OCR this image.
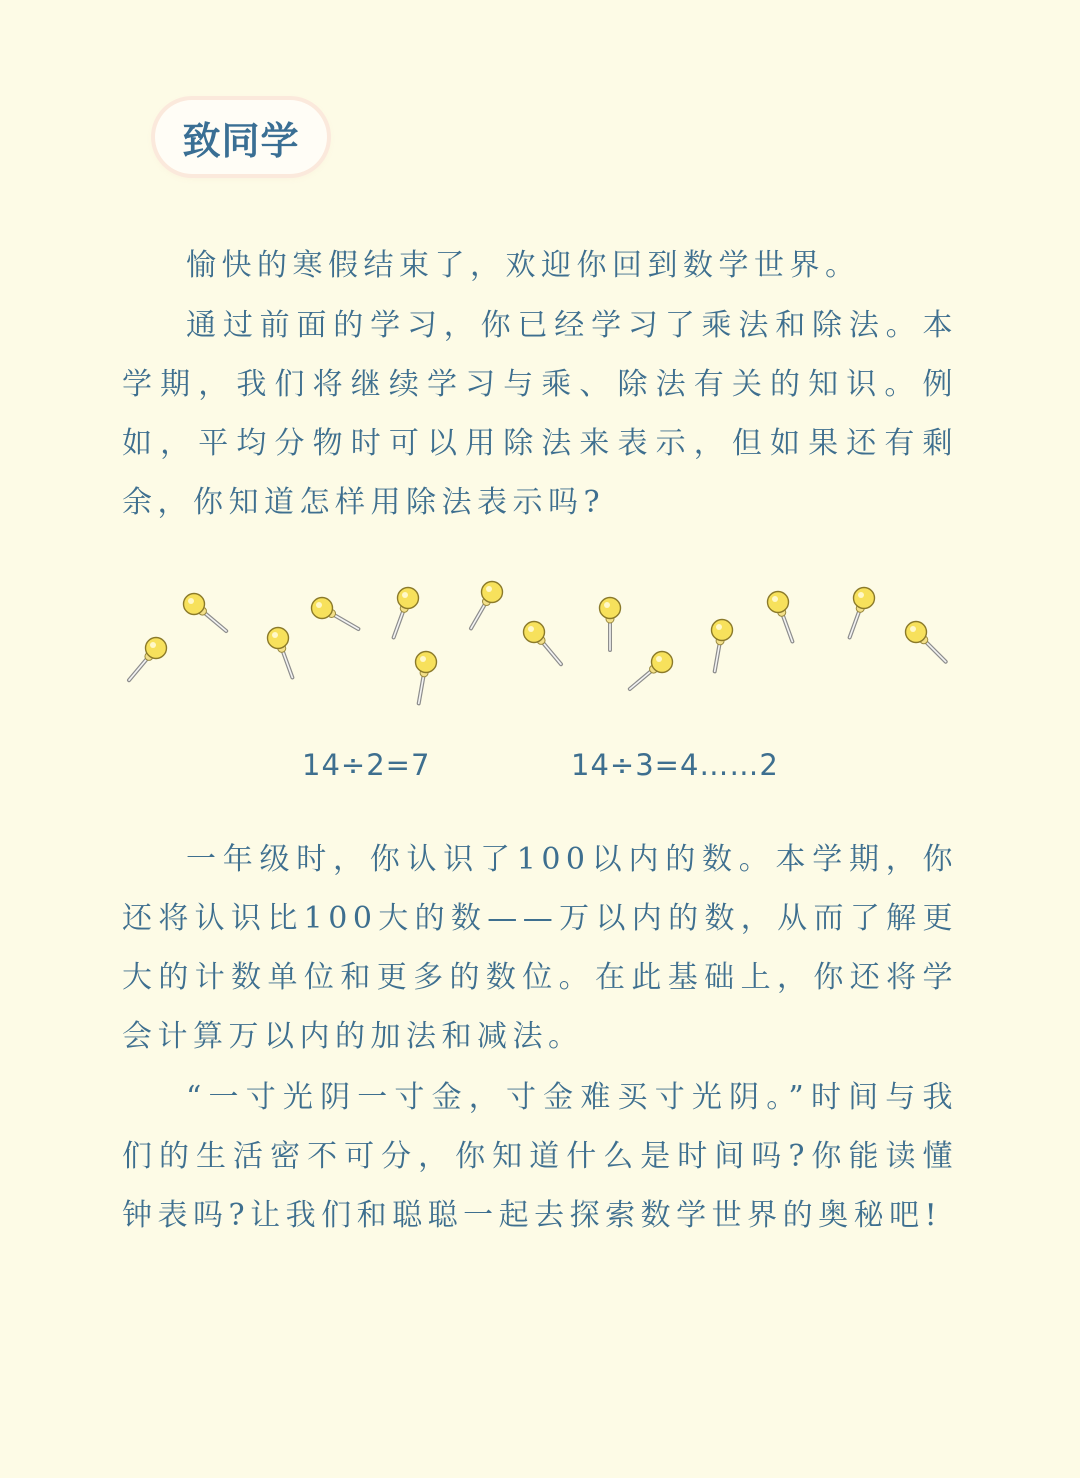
致同学

愉快的寒假结束了，欢迎你回到数学世界。

通过前面的学习，你已经学习了乘法和除法。本学期，我们将继续学习与乘、除法有关的知识。例如，平均分物时可以用除法来表示，但如果还有剩余，你知道怎样用除法表示吗?

14÷2=7	14÷3=4……2

一年级时，你认识了100以内的数。本学期，你还将认识比100大的数——万以内的数，从而了解更大的计数单位和更多的数位。在此基础上，你还将学会计算万以内的加法和减法。

“一寸光阴一寸金，寸金难买寸光阴。”时间与我们的生活密不可分，你知道什么是时间吗?你能读懂钟表吗?让我们和聪聪一起去探索数学世界的奥秘吧!
